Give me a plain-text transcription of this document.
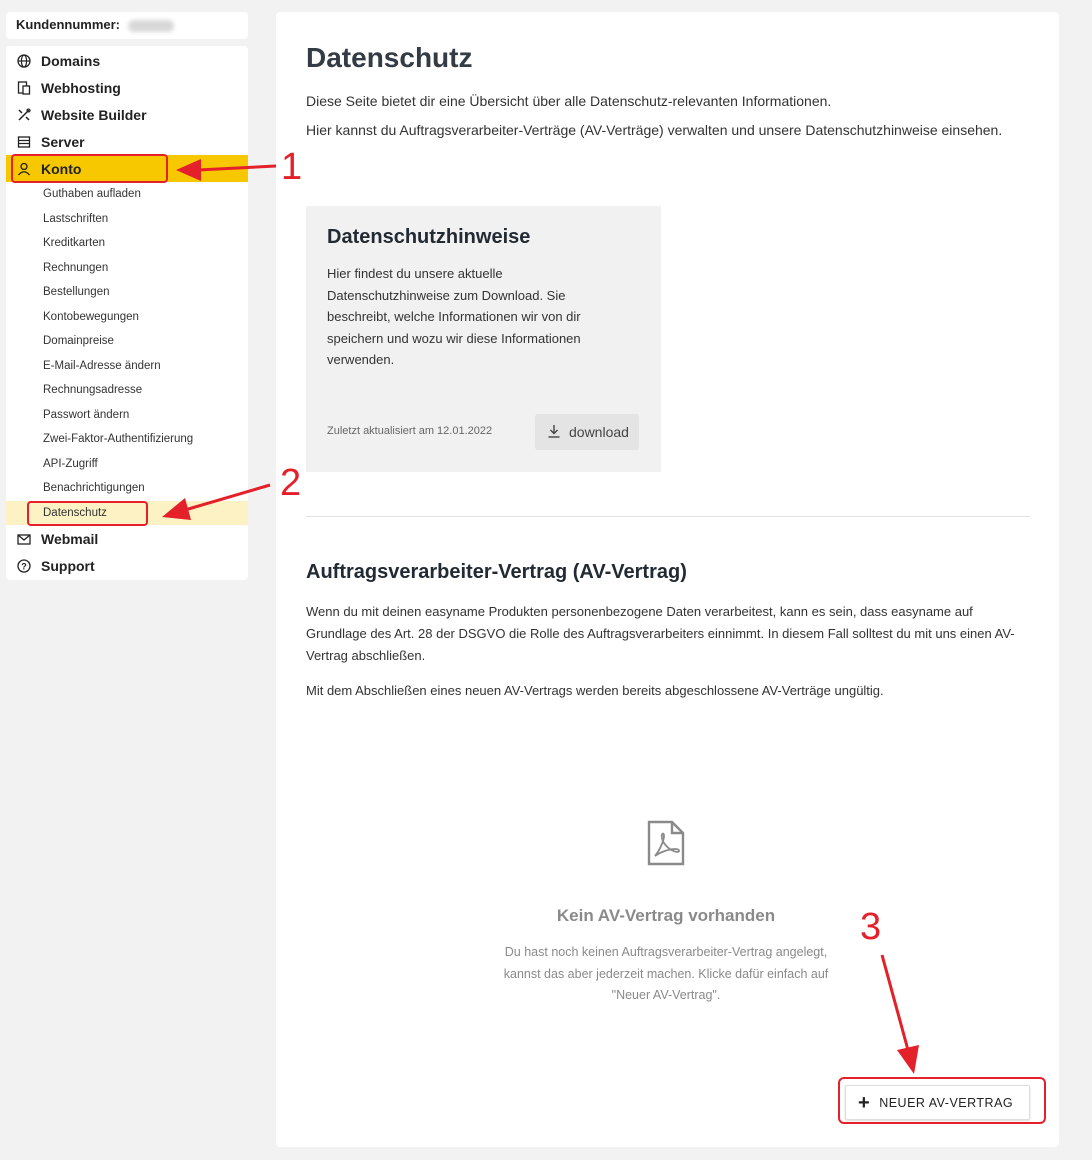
Kundennummer:
Domains
Webhosting
Website Builder
Server
Konto
Guthaben aufladen
Lastschriften
Kreditkarten
Rechnungen
Bestellungen
Kontobewegungen
Domainpreise
E-Mail-Adresse ändern
Rechnungsadresse
Passwort ändern
Zwei-Faktor-Authentifizierung
API-Zugriff
Benachrichtigungen
Datenschutz
Webmail
? Support
Datenschutz

Diese Seite bietet dir eine Übersicht über alle Datenschutz-relevanten Informationen.

Hier kannst du Auftragsverarbeiter-Verträge (AV-Verträge) verwalten und unsere Datenschutzhinweise einsehen.

Datenschutzhinweise

Hier findest du unsere aktuelle Datenschutzhinweise zum Download. Sie beschreibt, welche Informationen wir von dir speichern und wozu wir diese Informationen verwenden.

Zuletzt aktualisiert am 12.01.2022	download
Auftragsverarbeiter-Vertrag (AV-Vertrag)

Wenn du mit deinen easyname Produkten personenbezogene Daten verarbeitest, kann es sein, dass easyname auf Grundlage des Art. 28 der DSGVO die Rolle des Auftragsverarbeiters einnimmt. In diesem Fall solltest du mit uns einen AV-Vertrag abschließen.

Mit dem Abschließen eines neuen AV-Vertrags werden bereits abgeschlossene AV-Verträge ungültig.

Kein AV-Vertrag vorhanden

Du hast noch keinen Auftragsverarbeiter-Vertrag angelegt, kannst das aber jederzeit machen. Klicke dafür einfach auf "Neuer AV-Vertrag".

+ NEUER AV-VERTRAG
1
2
3
